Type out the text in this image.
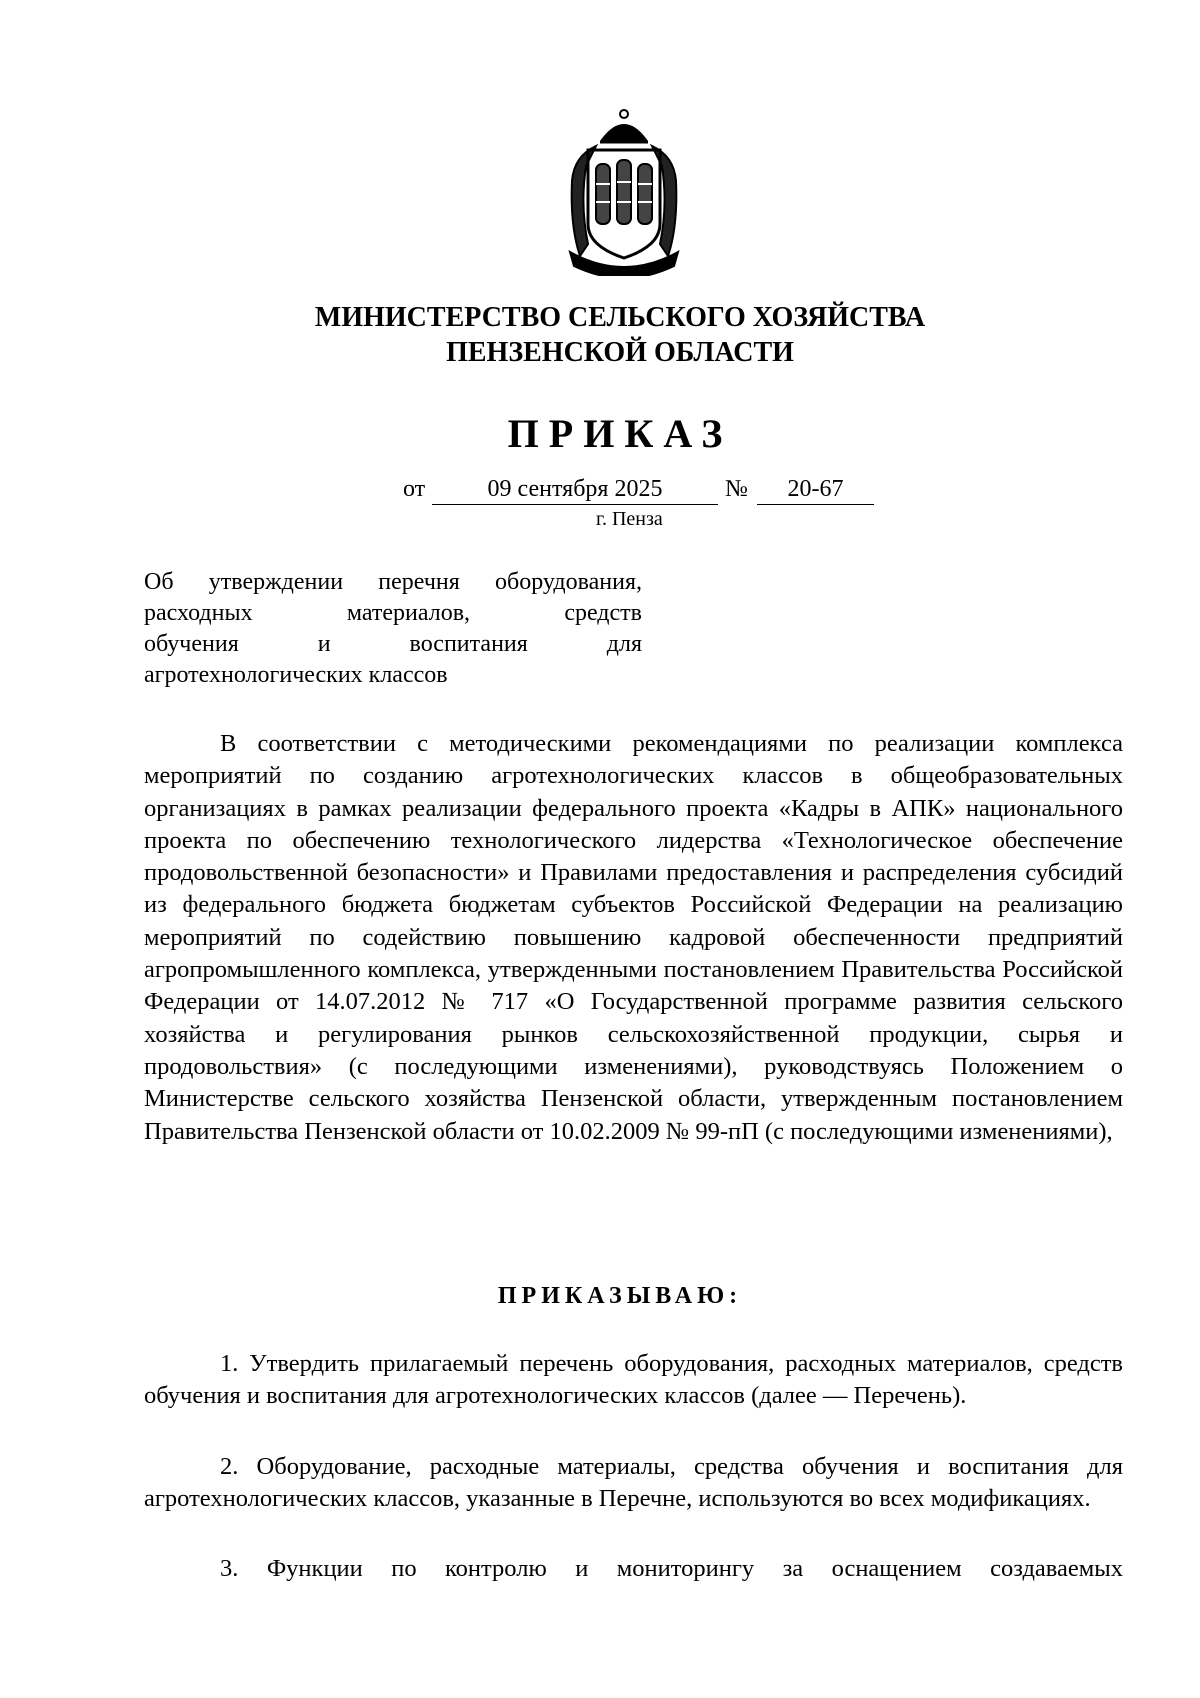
МИНИСТЕРСТВО СЕЛЬСКОГО ХОЗЯЙСТВА
ПЕНЗЕНСКОЙ ОБЛАСТИ
ПРИКАЗ
от	09 сентября 2025	№	20-67
г. Пенза
Об утверждении перечня оборудования,
расходных материалов, средств
обучения и воспитания для
агротехнологических классов
В соответствии с методическими рекомендациями по реализации комплекса мероприятий по созданию агротехнологических классов в общеобразовательных организациях в рамках реализации федерального проекта «Кадры в АПК» национального проекта по обеспечению технологического лидерства «Технологическое обеспечение продовольственной безопасности» и Правилами предоставления и распределения субсидий из федерального бюджета бюджетам субъектов Российской Федерации на реализацию мероприятий по содействию повышению кадровой обеспеченности предприятий агропромышленного комплекса, утвержденными постановлением Правительства Российской Федерации от 14.07.2012 № 717 «О Государственной программе развития сельского хозяйства и регулирования рынков сельскохозяйственной продукции, сырья и продовольствия» (с последующими изменениями), руководствуясь Положением о Министерстве сельского хозяйства Пензенской области, утвержденным постановлением Правительства Пензенской области от 10.02.2009 № 99-пП (с последующими изменениями),
ПРИКАЗЫВАЮ:
1. Утвердить прилагаемый перечень оборудования, расходных материалов, средств обучения и воспитания для агротехнологических классов (далее — Перечень).
2. Оборудование, расходные материалы, средства обучения и воспитания для агротехнологических классов, указанные в Перечне, используются во всех модификациях.
3. Функции по контролю и мониторингу за оснащением создаваемых
